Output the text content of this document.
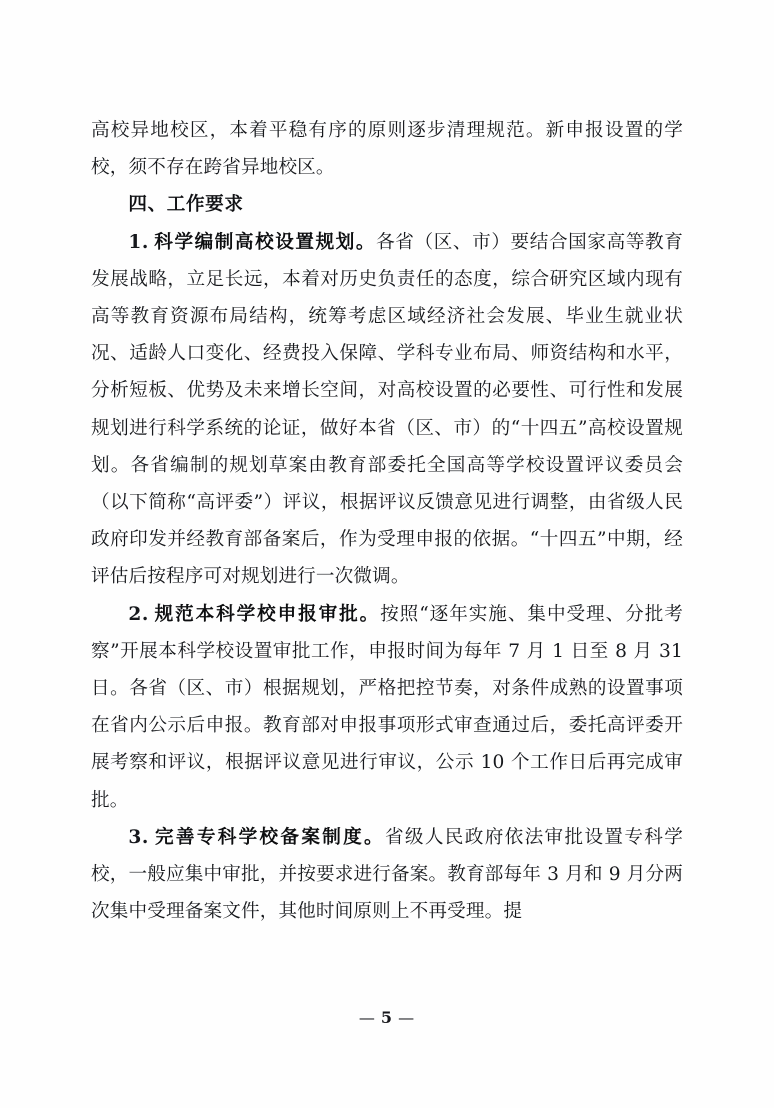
高校异地校区，本着平稳有序的原则逐步清理规范。新申报设置的学校，须不存在跨省异地校区。

四、工作要求

1. 科学编制高校设置规划。各省（区、市）要结合国家高等教育发展战略，立足长远，本着对历史负责任的态度，综合研究区域内现有高等教育资源布局结构，统筹考虑区域经济社会发展、毕业生就业状况、适龄人口变化、经费投入保障、学科专业布局、师资结构和水平，分析短板、优势及未来增长空间，对高校设置的必要性、可行性和发展规划进行科学系统的论证，做好本省（区、市）的“十四五”高校设置规划。各省编制的规划草案由教育部委托全国高等学校设置评议委员会（以下简称“高评委”）评议，根据评议反馈意见进行调整，由省级人民政府印发并经教育部备案后，作为受理申报的依据。“十四五”中期，经评估后按程序可对规划进行一次微调。

2. 规范本科学校申报审批。按照“逐年实施、集中受理、分批考察”开展本科学校设置审批工作，申报时间为每年 7 月 1 日至 8 月 31 日。各省（区、市）根据规划，严格把控节奏，对条件成熟的设置事项在省内公示后申报。教育部对申报事项形式审查通过后，委托高评委开展考察和评议，根据评议意见进行审议，公示 10 个工作日后再完成审批。

3. 完善专科学校备案制度。省级人民政府依法审批设置专科学校，一般应集中审批，并按要求进行备案。教育部每年 3 月和 9 月分两次集中受理备案文件，其他时间原则上不再受理。提

— 5 —
